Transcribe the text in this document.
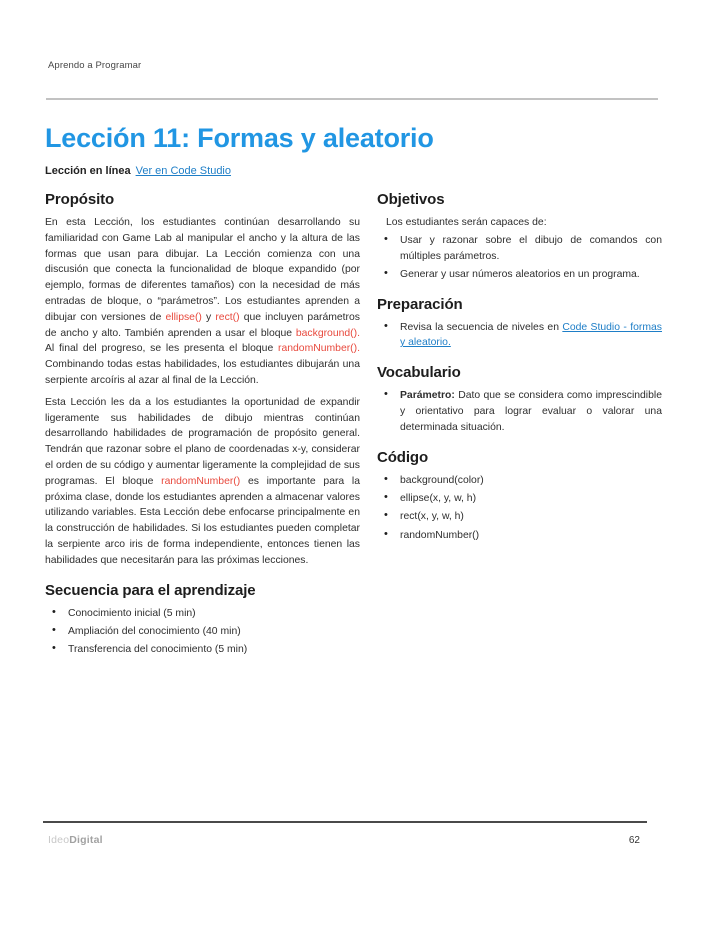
Aprendo a Programar
Lección 11: Formas y aleatorio
Lección en línea Ver en Code Studio
Propósito

En esta Lección, los estudiantes continúan desarrollando su familiaridad con Game Lab al manipular el ancho y la altura de las formas que usan para dibujar. La Lección comienza con una discusión que conecta la funcionalidad de bloque expandido (por ejemplo, formas de diferentes tamaños) con la necesidad de más entradas de bloque, o “parámetros”. Los estudiantes aprenden a dibujar con versiones de ellipse() y rect() que incluyen parámetros de ancho y alto. También aprenden a usar el bloque background(). Al final del progreso, se les presenta el bloque randomNumber(). Combinando todas estas habilidades, los estudiantes dibujarán una serpiente arcoíris al azar al final de la Lección.

Esta Lección les da a los estudiantes la oportunidad de expandir ligeramente sus habilidades de dibujo mientras continúan desarrollando habilidades de programación de propósito general. Tendrán que razonar sobre el plano de coordenadas x-y, considerar el orden de su código y aumentar ligeramente la complejidad de sus programas. El bloque randomNumber() es importante para la próxima clase, donde los estudiantes aprenden a almacenar valores utilizando variables. Esta Lección debe enfocarse principalmente en la construcción de habilidades. Si los estudiantes pueden completar la serpiente arco iris de forma independiente, entonces tienen las habilidades que necesitarán para las próximas lecciones.

Secuencia para el aprendizaje
• Conocimiento inicial (5 min)
• Ampliación del conocimiento (40 min)
• Transferencia del conocimiento (5 min)
Objetivos

Los estudiantes serán capaces de:

• Usar y razonar sobre el dibujo de comandos con múltiples parámetros.
• Generar y usar números aleatorios en un programa.
Preparación
• Revisa la secuencia de niveles en Code Studio - formas y aleatorio.
Vocabulario
• Parámetro: Dato que se considera como imprescindible y orientativo para lograr evaluar o valorar una determinada situación.
Código
• background(color)
• ellipse(x, y, w, h)
• rect(x, y, w, h)
• randomNumber()
IdeoDigital	62
